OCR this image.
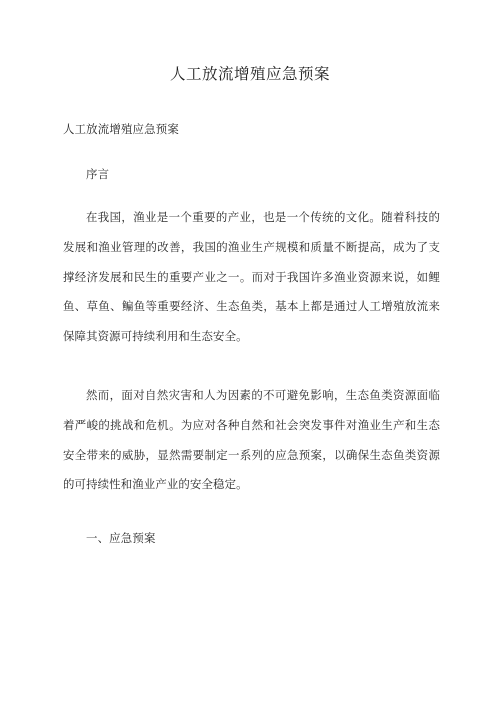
人工放流增殖应急预案
人工放流增殖应急预案
序言

在我国，渔业是一个重要的产业，也是一个传统的文化。随着科技的发展和渔业管理的改善，我国的渔业生产规模和质量不断提高，成为了支撑经济发展和民生的重要产业之一。而对于我国许多渔业资源来说，如鲤鱼、草鱼、鳊鱼等重要经济、生态鱼类，基本上都是通过人工增殖放流来保障其资源可持续利用和生态安全。

然而，面对自然灾害和人为因素的不可避免影响，生态鱼类资源面临着严峻的挑战和危机。为应对各种自然和社会突发事件对渔业生产和生态安全带来的威胁，显然需要制定一系列的应急预案，以确保生态鱼类资源的可持续性和渔业产业的安全稳定。

一、应急预案
